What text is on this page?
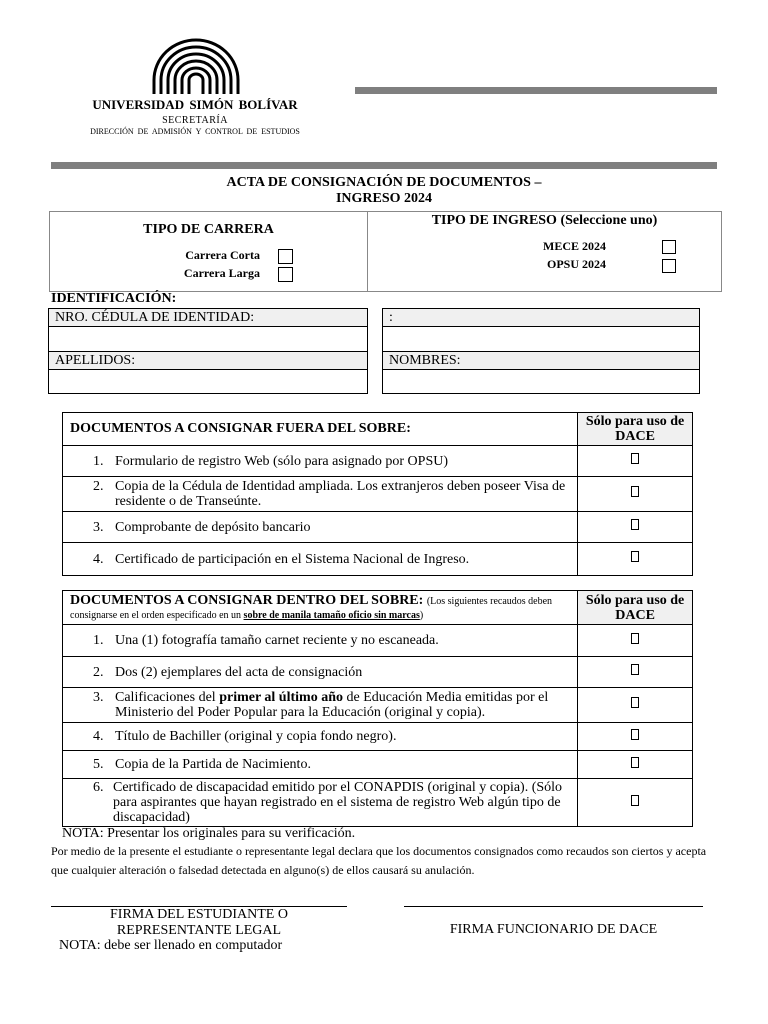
UNIVERSIDAD SIMÓN BOLÍVAR
SECRETARÍA
DIRECCIÓN DE ADMISIÓN Y CONTROL DE ESTUDIOS
ACTA DE CONSIGNACIÓN DE DOCUMENTOS –
INGRESO 2024
TIPO DE CARRERA
Carrera Corta
Carrera Larga
TIPO DE INGRESO (Seleccione uno)
MECE 2024
OPSU 2024
IDENTIFICACIÓN:
NRO. CÉDULA DE IDENTIDAD:	:
APELLIDOS:	NOMBRES:
DOCUMENTOS A CONSIGNAR FUERA DEL SOBRE:	Sólo para uso de DACE
1. Formulario de registro Web (sólo para asignado por OPSU)	

2. Copia de la Cédula de Identidad ampliada. Los extranjeros deben poseer Visa de residente o de Transeúnte.	

3. Comprobante de depósito bancario	
4. Certificado de participación en el Sistema Nacional de Ingreso.	
DOCUMENTOS A CONSIGNAR DENTRO DEL SOBRE: (Los siguientes recaudos deben consignarse en el orden especificado en un sobre de manila tamaño oficio sin marcas)	Sólo para uso de DACE
1. Una (1) fotografía tamaño carnet reciente y no escaneada.	
2. Dos (2) ejemplares del acta de consignación	

3. Calificaciones del primer al último año de Educación Media emitidas por el Ministerio del Poder Popular para la Educación (original y copia).	

4. Título de Bachiller (original y copia fondo negro).	
5. Copia de la Partida de Nacimiento.	

6. Certificado de discapacidad emitido por el CONAPDIS (original y copia). (Sólo para aspirantes que hayan registrado en el sistema de registro Web algún tipo de discapacidad)	

NOTA: Presentar los originales para su verificación.
Por medio de la presente el estudiante o representante legal declara que los documentos consignados como recaudos son ciertos y acepta que cualquier alteración o falsedad detectada en alguno(s) de ellos causará su anulación.
FIRMA DEL ESTUDIANTE O
REPRESENTANTE LEGAL	FIRMA FUNCIONARIO DE DACE
NOTA: debe ser llenado en computador
